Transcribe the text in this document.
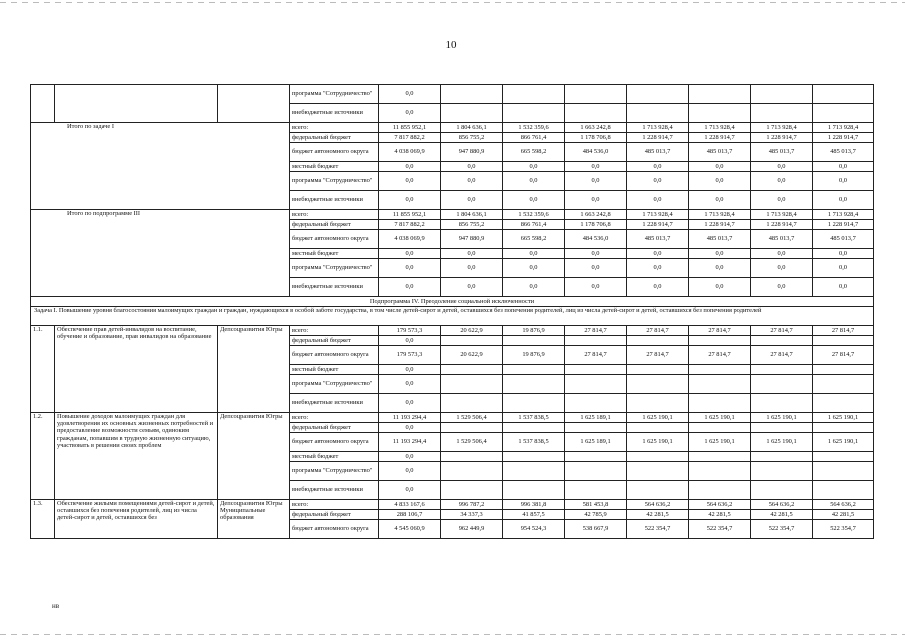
10
			программа "Сотрудничество"	0,0							
			внебюджетные источники	0,0							
Итого по задаче I			всего:	11 855 952,1	1 804 636,1	1 532 359,6	1 663 242,8	1 713 928,4	1 713 928,4	1 713 928,4	1 713 928,4
			федеральный бюджет	7 817 882,2	856 755,2	866 761,4	1 178 706,8	1 228 914,7	1 228 914,7	1 228 914,7	1 228 914,7
			бюджет автономного округа	4 038 069,9	947 880,9	665 598,2	484 536,0	485 013,7	485 013,7	485 013,7	485 013,7
			местный бюджет	0,0	0,0	0,0	0,0	0,0	0,0	0,0	0,0
			программа "Сотрудничество"	0,0	0,0	0,0	0,0	0,0	0,0	0,0	0,0
			внебюджетные источники	0,0	0,0	0,0	0,0	0,0	0,0	0,0	0,0
Итого по подпрограмме III			всего:	11 855 952,1	1 804 636,1	1 532 359,6	1 663 242,8	1 713 928,4	1 713 928,4	1 713 928,4	1 713 928,4
			федеральный бюджет	7 817 882,2	856 755,2	866 761,4	1 178 706,8	1 228 914,7	1 228 914,7	1 228 914,7	1 228 914,7
			бюджет автономного округа	4 038 069,9	947 880,9	665 598,2	484 536,0	485 013,7	485 013,7	485 013,7	485 013,7
			местный бюджет	0,0	0,0	0,0	0,0	0,0	0,0	0,0	0,0
			программа "Сотрудничество"	0,0	0,0	0,0	0,0	0,0	0,0	0,0	0,0
			внебюджетные источники	0,0	0,0	0,0	0,0	0,0	0,0	0,0	0,0
Подпрограмма IV. Преодоление социальной исключенности											
Задача I. Повышение уровня благосостояния малоимущих граждан и граждан, нуждающихся в особой заботе государства, в том числе детей-сирот и детей, оставшихся без попечения родителей, лиц из числа детей-сирот и детей, оставшихся без попечения родителей											
1.1.	Обеспечение прав детей-инвалидов на воспитание, обучение и образование, прав инвалидов на образование	Депсоцразвития Югры	всего:	179 573,3	20 622,9	19 876,9	27 814,7	27 814,7	27 814,7	27 814,7	27 814,7
			федеральный бюджет	0,0							
			бюджет автономного округа	179 573,3	20 622,9	19 876,9	27 814,7	27 814,7	27 814,7	27 814,7	27 814,7
			местный бюджет	0,0							
			программа "Сотрудничество"	0,0							
			внебюджетные источники	0,0							
1.2.	Повышение доходов малоимущих граждан для удовлетворения их основных жизненных потребностей и предоставление возможности семьям, одиноким гражданам, попавшим в трудную жизненную ситуацию, участвовать в решении своих проблем	Депсоцразвития Югры	всего:	11 193 294,4	1 529 506,4	1 537 838,5	1 625 189,1	1 625 190,1	1 625 190,1	1 625 190,1	1 625 190,1
			федеральный бюджет	0,0							
			бюджет автономного округа	11 193 294,4	1 529 506,4	1 537 838,5	1 625 189,1	1 625 190,1	1 625 190,1	1 625 190,1	1 625 190,1
			местный бюджет	0,0							
			программа "Сотрудничество"	0,0							
			внебюджетные источники	0,0							
1.3.	Обеспечение жилыми помещениями детей-сирот и детей, оставшихся без попечения родителей, лиц из числа детей-сирот и детей, оставшихся без	Депсоцразвития Югры Муниципальные образования	всего:	4 833 167,6	996 787,2	996 381,8	581 453,8	564 636,2	564 636,2	564 636,2	564 636,2
			федеральный бюджет	288 106,7	34 337,3	41 857,5	42 785,9	42 281,5	42 281,5	42 281,5	42 281,5
			бюджет автономного округа	4 545 060,9	962 449,9	954 524,3	538 667,9	522 354,7	522 354,7	522 354,7	522 354,7
нв
